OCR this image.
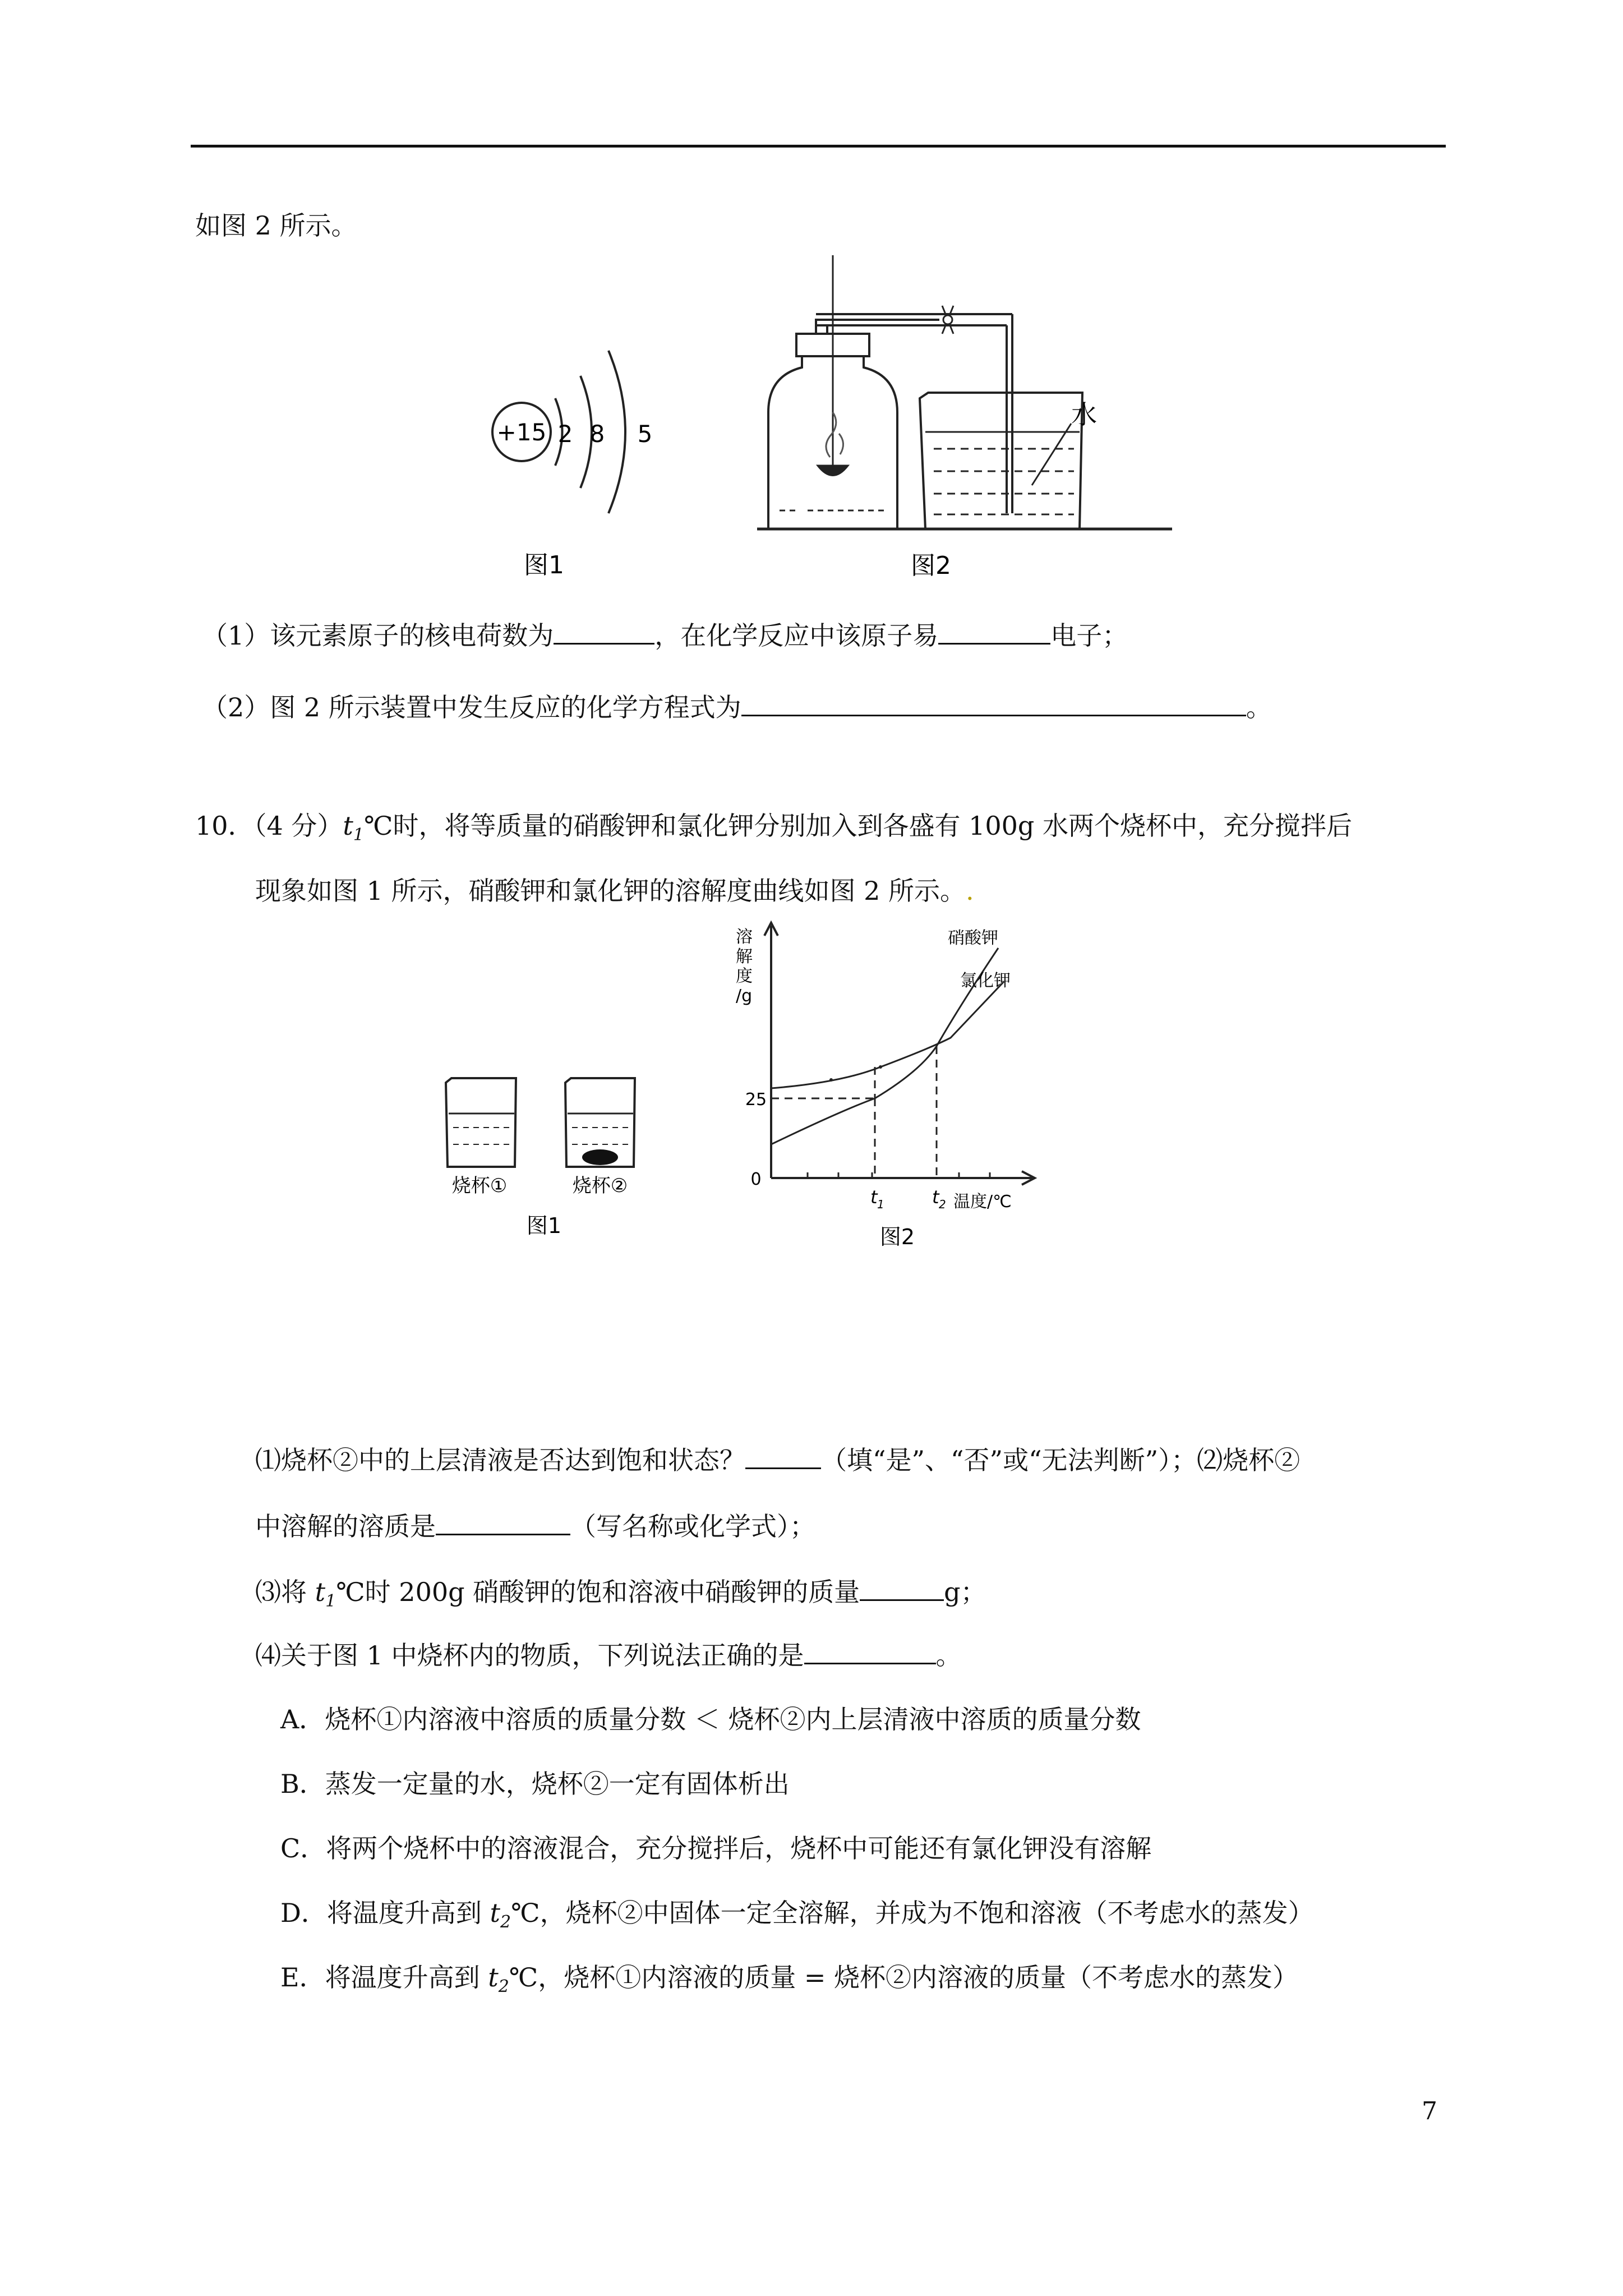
如图 2 所示。
+15 2 8 5
图1
水
图2
（1）该元素原子的核电荷数为	，在化学反应中该原子易	电子；
（2）图 2 所示装置中发生反应的化学方程式为	。
10．（4 分）$t_1℃$时，将等质量的硝酸钾和氯化钾分别加入到各盛有 100g 水两个烧杯中，充分搅拌后
现象如图 1 所示，硝酸钾和氯化钾的溶解度曲线如图 2 所示。.
烧杯①	烧杯②
图1
溶
解
度
/g
25
0
t 1	t 2 温度/℃
硝酸钾
氯化钾
图2
⑴烧杯②中的上层清液是否达到饱和状态？	（填“是”、“否”或“无法判断”）；⑵烧杯②
中溶解的溶质是	（写名称或化学式）；
⑶将 $t_1℃$时 200g 硝酸钾的饱和溶液中硝酸钾的质量	g；
⑷关于图 1 中烧杯内的物质，下列说法正确的是	。
A．烧杯①内溶液中溶质的质量分数 ＜ 烧杯②内上层清液中溶质的质量分数
B．蒸发一定量的水，烧杯②一定有固体析出
C．将两个烧杯中的溶液混合，充分搅拌后，烧杯中可能还有氯化钾没有溶解
D．将温度升高到 $t_2℃$，烧杯②中固体一定全溶解，并成为不饱和溶液（不考虑水的蒸发）
E．将温度升高到 $t_2℃$，烧杯①内溶液的质量 = 烧杯②内溶液的质量（不考虑水的蒸发）
7
